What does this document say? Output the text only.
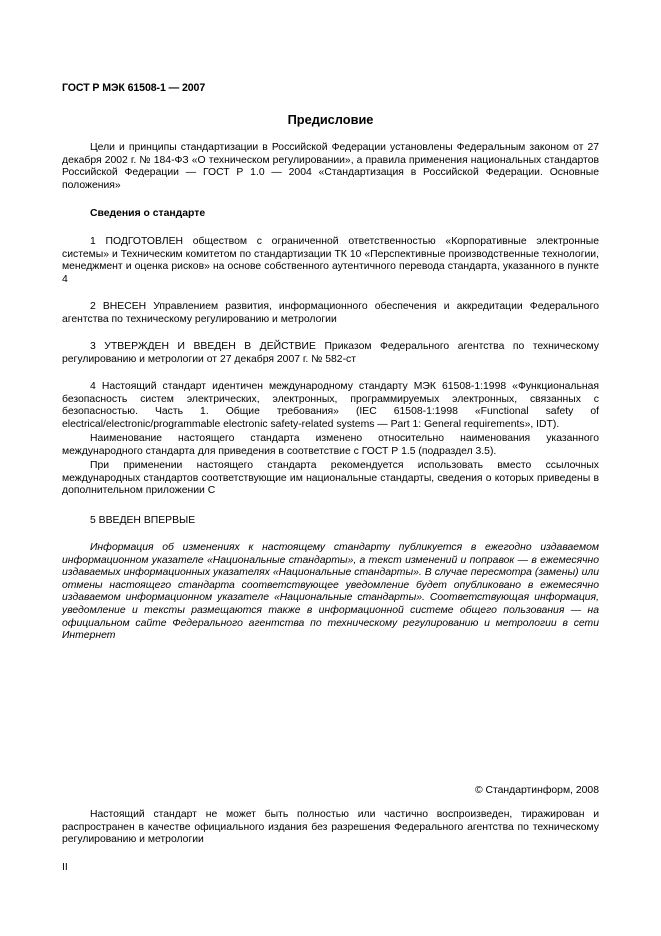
ГОСТ Р МЭК 61508-1 — 2007
Предисловие

Цели и принципы стандартизации в Российской Федерации установлены Федеральным законом от 27 декабря 2002 г. № 184-ФЗ «О техническом регулировании», а правила применения национальных стандартов Российской Федерации — ГОСТ Р 1.0 — 2004 «Стандартизация в Российской Федерации. Основные положения»

Сведения о стандарте

1 ПОДГОТОВЛЕН обществом с ограниченной ответственностью «Корпоративные электронные системы» и Техническим комитетом по стандартизации ТК 10 «Перспективные производственные технологии, менеджмент и оценка рисков» на основе собственного аутентичного перевода стандарта, указанного в пункте 4

2 ВНЕСЕН Управлением развития, информационного обеспечения и аккредитации Федерального агентства по техническому регулированию и метрологии

3 УТВЕРЖДЕН И ВВЕДЕН В ДЕЙСТВИЕ Приказом Федерального агентства по техническому регулированию и метрологии от 27 декабря 2007 г. № 582-ст

4 Настоящий стандарт идентичен международному стандарту МЭК 61508-1:1998 «Функциональная безопасность систем электрических, электронных, программируемых электронных, связанных с безопасностью. Часть 1. Общие требования» (IEC 61508-1:1998 «Functional safety of electrical/electronic/programmable electronic safety-related systems — Part 1: General requirements», IDT).

Наименование настоящего стандарта изменено относительно наименования указанного международного стандарта для приведения в соответствие с ГОСТ Р 1.5 (подраздел 3.5).

При применении настоящего стандарта рекомендуется использовать вместо ссылочных международных стандартов соответствующие им национальные стандарты, сведения о которых приведены в дополнительном приложении С

5 ВВЕДЕН ВПЕРВЫЕ

Информация об изменениях к настоящему стандарту публикуется в ежегодно издаваемом информационном указателе «Национальные стандарты», а текст изменений и поправок — в ежемесячно издаваемых информационных указателях «Национальные стандарты». В случае пересмотра (замены) или отмены настоящего стандарта соответствующее уведомление будет опубликовано в ежемесячно издаваемом информационном указателе «Национальные стандарты». Соответствующая информация, уведомление и тексты размещаются также в информационной системе общего пользования — на официальном сайте Федерального агентства по техническому регулированию и метрологии в сети Интернет

© Стандартинформ, 2008

Настоящий стандарт не может быть полностью или частично воспроизведен, тиражирован и распространен в качестве официального издания без разрешения Федерального агентства по техническому регулированию и метрологии

II
